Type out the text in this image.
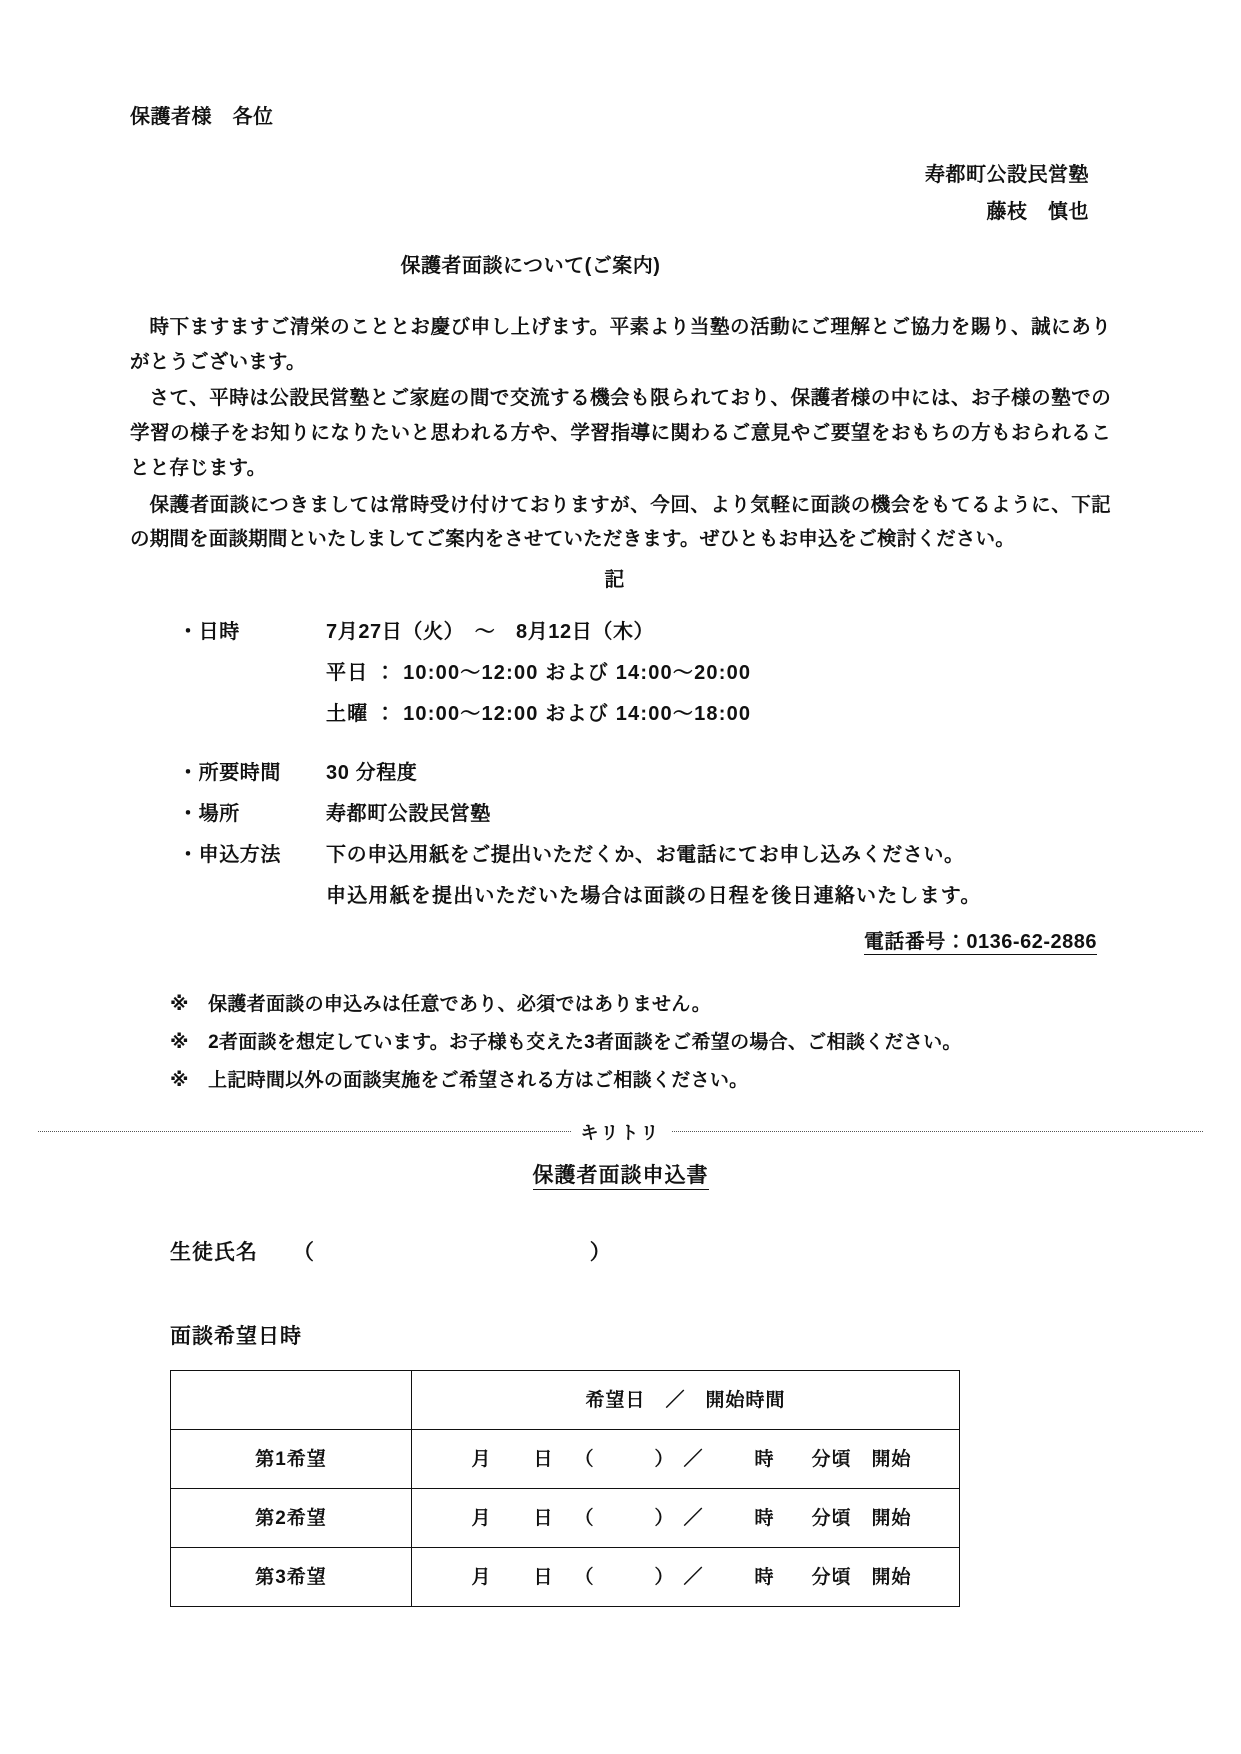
保護者様　各位
寿都町公設民営塾
藤枝　慎也
保護者面談について(ご案内)

時下ますますご清栄のこととお慶び申し上げます。平素より当塾の活動にご理解とご協力を賜り、誠にありがとうございます。

さて、平時は公設民営塾とご家庭の間で交流する機会も限られており、保護者様の中には、お子様の塾での学習の様子をお知りになりたいと思われる方や、学習指導に関わるご意見やご要望をおもちの方もおられることと存じます。

保護者面談につきましては常時受け付けておりますが、今回、より気軽に面談の機会をもてるように、下記の期間を面談期間といたしましてご案内をさせていただきます。ぜひともお申込をご検討ください。

記
・日時	7月27日（火）　～　8月12日（木）
平日 ： 10:00～12:00 および 14:00～20:00
土曜 ： 10:00～12:00 および 14:00～18:00
・所要時間	30 分程度
・場所	寿都町公設民営塾
・申込方法	下の申込用紙をご提出いただくか、お電話にてお申し込みください。
申込用紙を提出いただいた場合は面談の日程を後日連絡いたします。
電話番号：0136-62-2886
※　保護者面談の申込みは任意であり、必須ではありません。
※　2者面談を想定しています。お子様も交えた3者面談をご希望の場合、ご相談ください。
※　上記時間以外の面談実施をご希望される方はご相談ください。
キリトリ
保護者面談申込書
生徒氏名 （	）
面談希望日時
	希望日　／　開始時間
第1希望	月	日	（　　　） ／	時	分頃　開始

第2希望	月	日	（　　　） ／	時	分頃　開始

第3希望	月	日	（　　　） ／	時	分頃　開始
